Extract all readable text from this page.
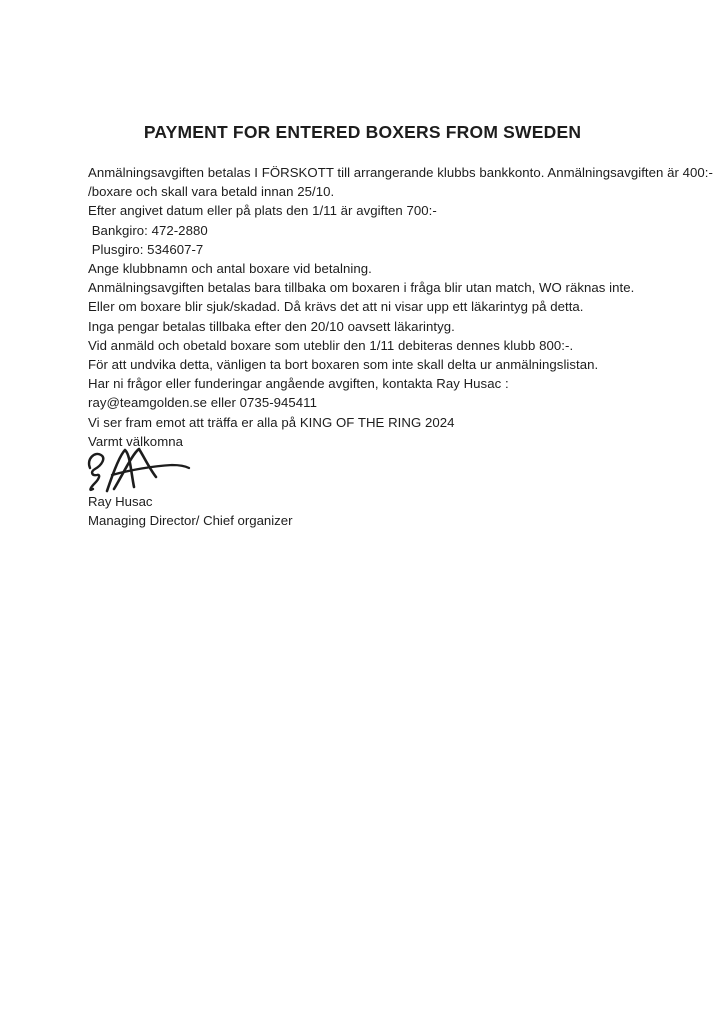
PAYMENT FOR ENTERED BOXERS FROM SWEDEN
Anmälningsavgiften betalas I FÖRSKOTT till arrangerande klubbs bankkonto. Anmälningsavgiften är 400:-
/boxare och skall vara betald innan 25/10.
Efter angivet datum eller på plats den 1/11 är avgiften 700:-
Bankgiro: 472-2880
Plusgiro: 534607-7
Ange klubbnamn och antal boxare vid betalning.
Anmälningsavgiften betalas bara tillbaka om boxaren i fråga blir utan match, WO räknas inte.
Eller om boxare blir sjuk/skadad. Då krävs det att ni visar upp ett läkarintyg på detta.
Inga pengar betalas tillbaka efter den 20/10 oavsett läkarintyg.
Vid anmäld och obetald boxare som uteblir den 1/11 debiteras dennes klubb 800:-.
För att undvika detta, vänligen ta bort boxaren som inte skall delta ur anmälningslistan.
Har ni frågor eller funderingar angående avgiften, kontakta Ray Husac :
ray@teamgolden.se eller 0735-945411
Vi ser fram emot att träffa er alla på KING OF THE RING 2024
Varmt välkomna
Ray Husac
Managing Director/ Chief organizer
